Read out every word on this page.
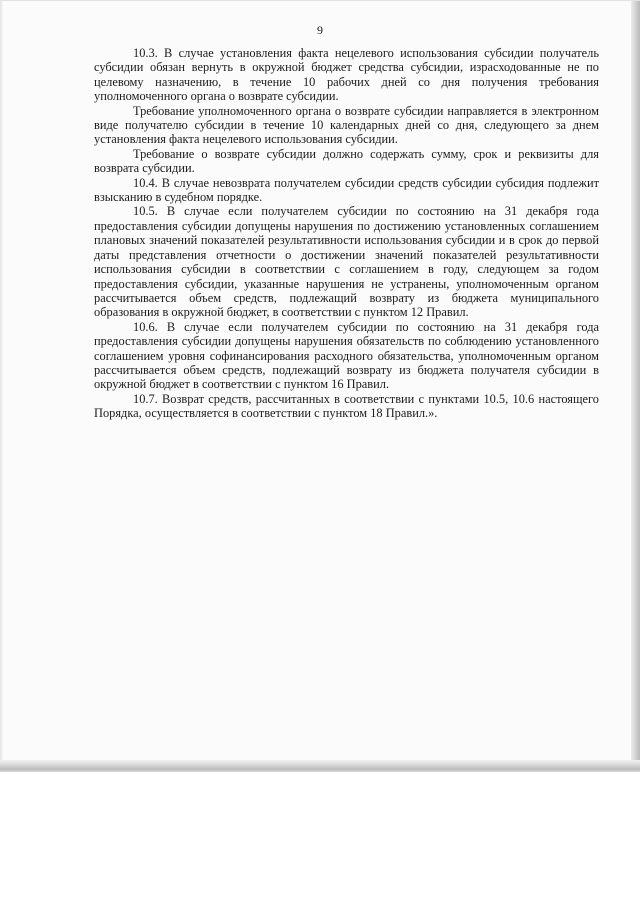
9

10.3. В случае установления факта нецелевого использования субсидии получатель субсидии обязан вернуть в окружной бюджет средства субсидии, израсходованные не по целевому назначению, в течение 10 рабочих дней со дня получения требования уполномоченного органа о возврате субсидии.

Требование уполномоченного органа о возврате субсидии направляется в электронном виде получателю субсидии в течение 10 календарных дней со дня, следующего за днем установления факта нецелевого использования субсидии.

Требование о возврате субсидии должно содержать сумму, срок и реквизиты для возврата субсидии.

10.4. В случае невозврата получателем субсидии средств субсидии субсидия подлежит взысканию в судебном порядке.

10.5. В случае если получателем субсидии по состоянию на 31 декабря года предоставления субсидии допущены нарушения по достижению установленных соглашением плановых значений показателей результативности использования субсидии и в срок до первой даты представления отчетности о достижении значений показателей результативности использования субсидии в соответствии с соглашением в году, следующем за годом предоставления субсидии, указанные нарушения не устранены, уполномоченным органом рассчитывается объем средств, подлежащий возврату из бюджета муниципального образования в окружной бюджет, в соответствии с пунктом 12 Правил.

10.6. В случае если получателем субсидии по состоянию на 31 декабря года предоставления субсидии допущены нарушения обязательств по соблюдению установленного соглашением уровня софинансирования расходного обязательства, уполномоченным органом рассчитывается объем средств, подлежащий возврату из бюджета получателя субсидии в окружной бюджет в соответствии с пунктом 16 Правил.

10.7. Возврат средств, рассчитанных в соответствии с пунктами 10.5, 10.6 настоящего Порядка, осуществляется в соответствии с пунктом 18 Правил.».
